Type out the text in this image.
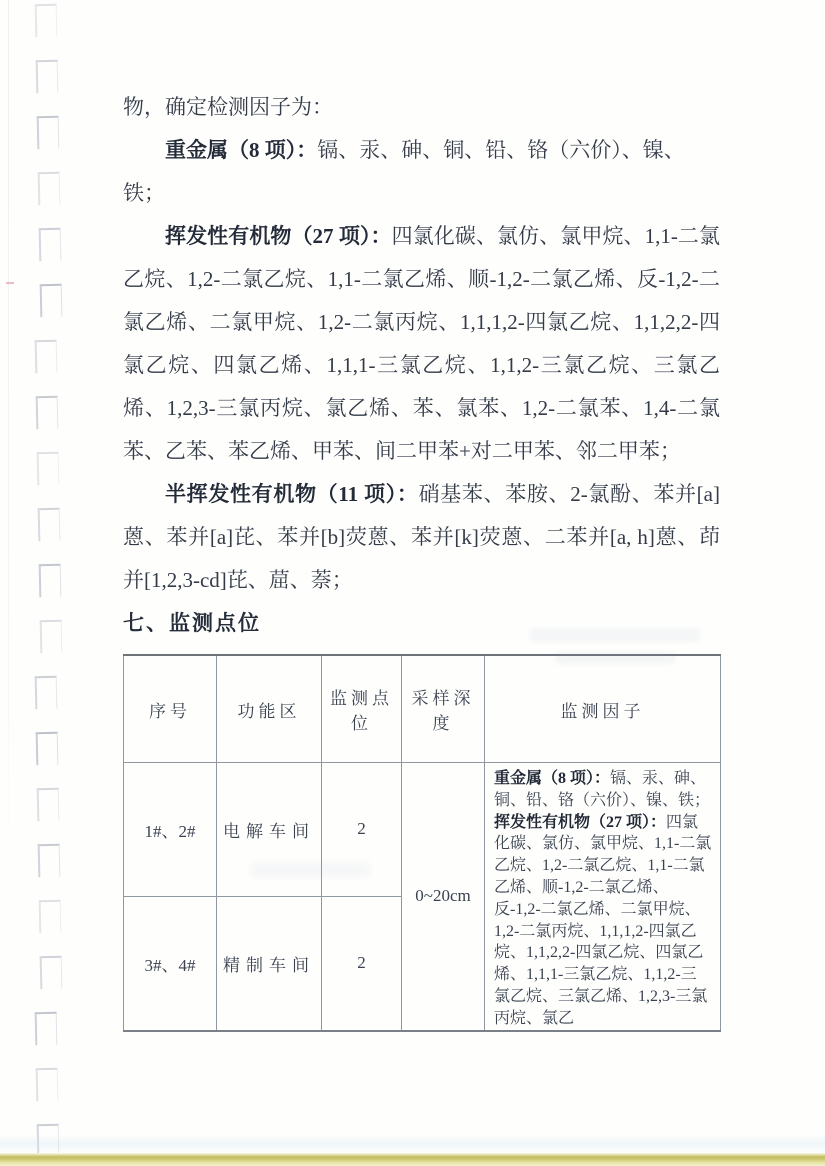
物，确定检测因子为：

重金属（8 项）：镉、汞、砷、铜、铅、铬（六价）、镍、铁；

挥发性有机物（27 项）：四氯化碳、氯仿、氯甲烷、1,1-二氯乙烷、1,2-二氯乙烷、1,1-二氯乙烯、顺-1,2-二氯乙烯、反-1,2-二氯乙烯、二氯甲烷、1,2-二氯丙烷、1,1,1,2-四氯乙烷、1,1,2,2-四氯乙烷、四氯乙烯、1,1,1-三氯乙烷、1,1,2-三氯乙烷、三氯乙烯、1,2,3-三氯丙烷、氯乙烯、苯、氯苯、1,2-二氯苯、1,4-二氯苯、乙苯、苯乙烯、甲苯、间二甲苯+对二甲苯、邻二甲苯；

半挥发性有机物（11 项）：硝基苯、苯胺、2-氯酚、苯并[a]蒽、苯并[a]芘、苯并[b]荧蒽、苯并[k]荧蒽、二苯并[a, h]蒽、茚并[1,2,3-cd]芘、䓛、萘；

七、监测点位
序号	功能区	监测点位	采样深度	监测因子
1#、2#	电解车间	2	0~20cm	重金属（8 项）：镉、汞、砷、铜、铅、铬（六价）、镍、铁；
挥发性有机物（27 项）：四氯化碳、氯仿、氯甲烷、1,1-二氯乙烷、1,2-二氯乙烷、1,1-二氯乙烯、顺-1,2-二氯乙烯、反-1,2-二氯乙烯、二氯甲烷、1,2-二氯丙烷、1,1,1,2-四氯乙烷、1,1,2,2-四氯乙烷、四氯乙烯、1,1,1-三氯乙烷、1,1,2-三氯乙烷、三氯乙烯、1,2,3-三氯丙烷、氯乙
3#、4#	精制车间	2		
